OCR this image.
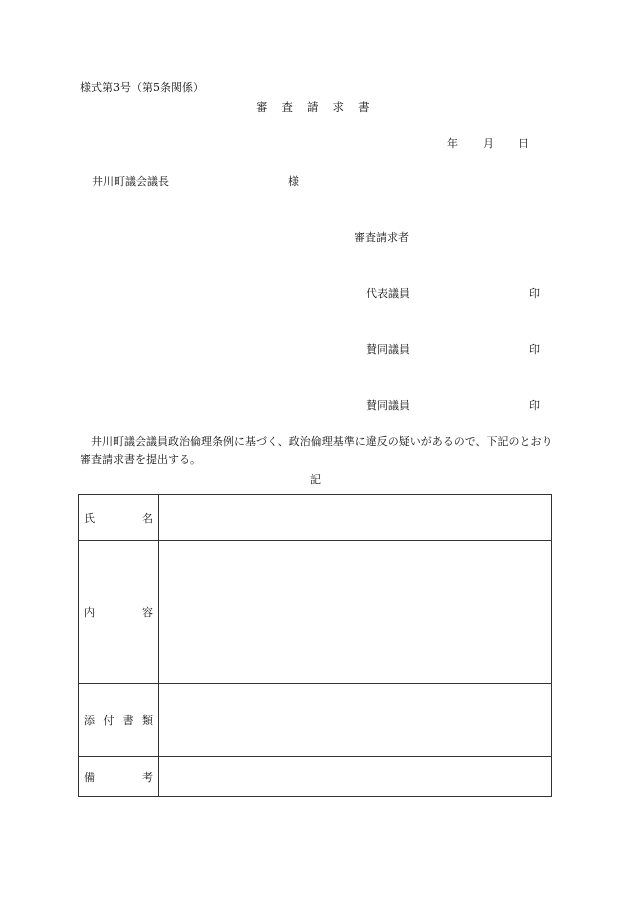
様式第3号（第5条関係）
審査請求書
年 月 日
井川町議会議長	様
審査請求者
代表議員	印
賛同議員	印
賛同議員	印
井川町議会議員政治倫理条例に基づく、政治倫理基準に違反の疑いがあるので、下記のとおり審査請求書を提出する。
記
氏 名	

内 容	

添 付 書 類	

備 考	
